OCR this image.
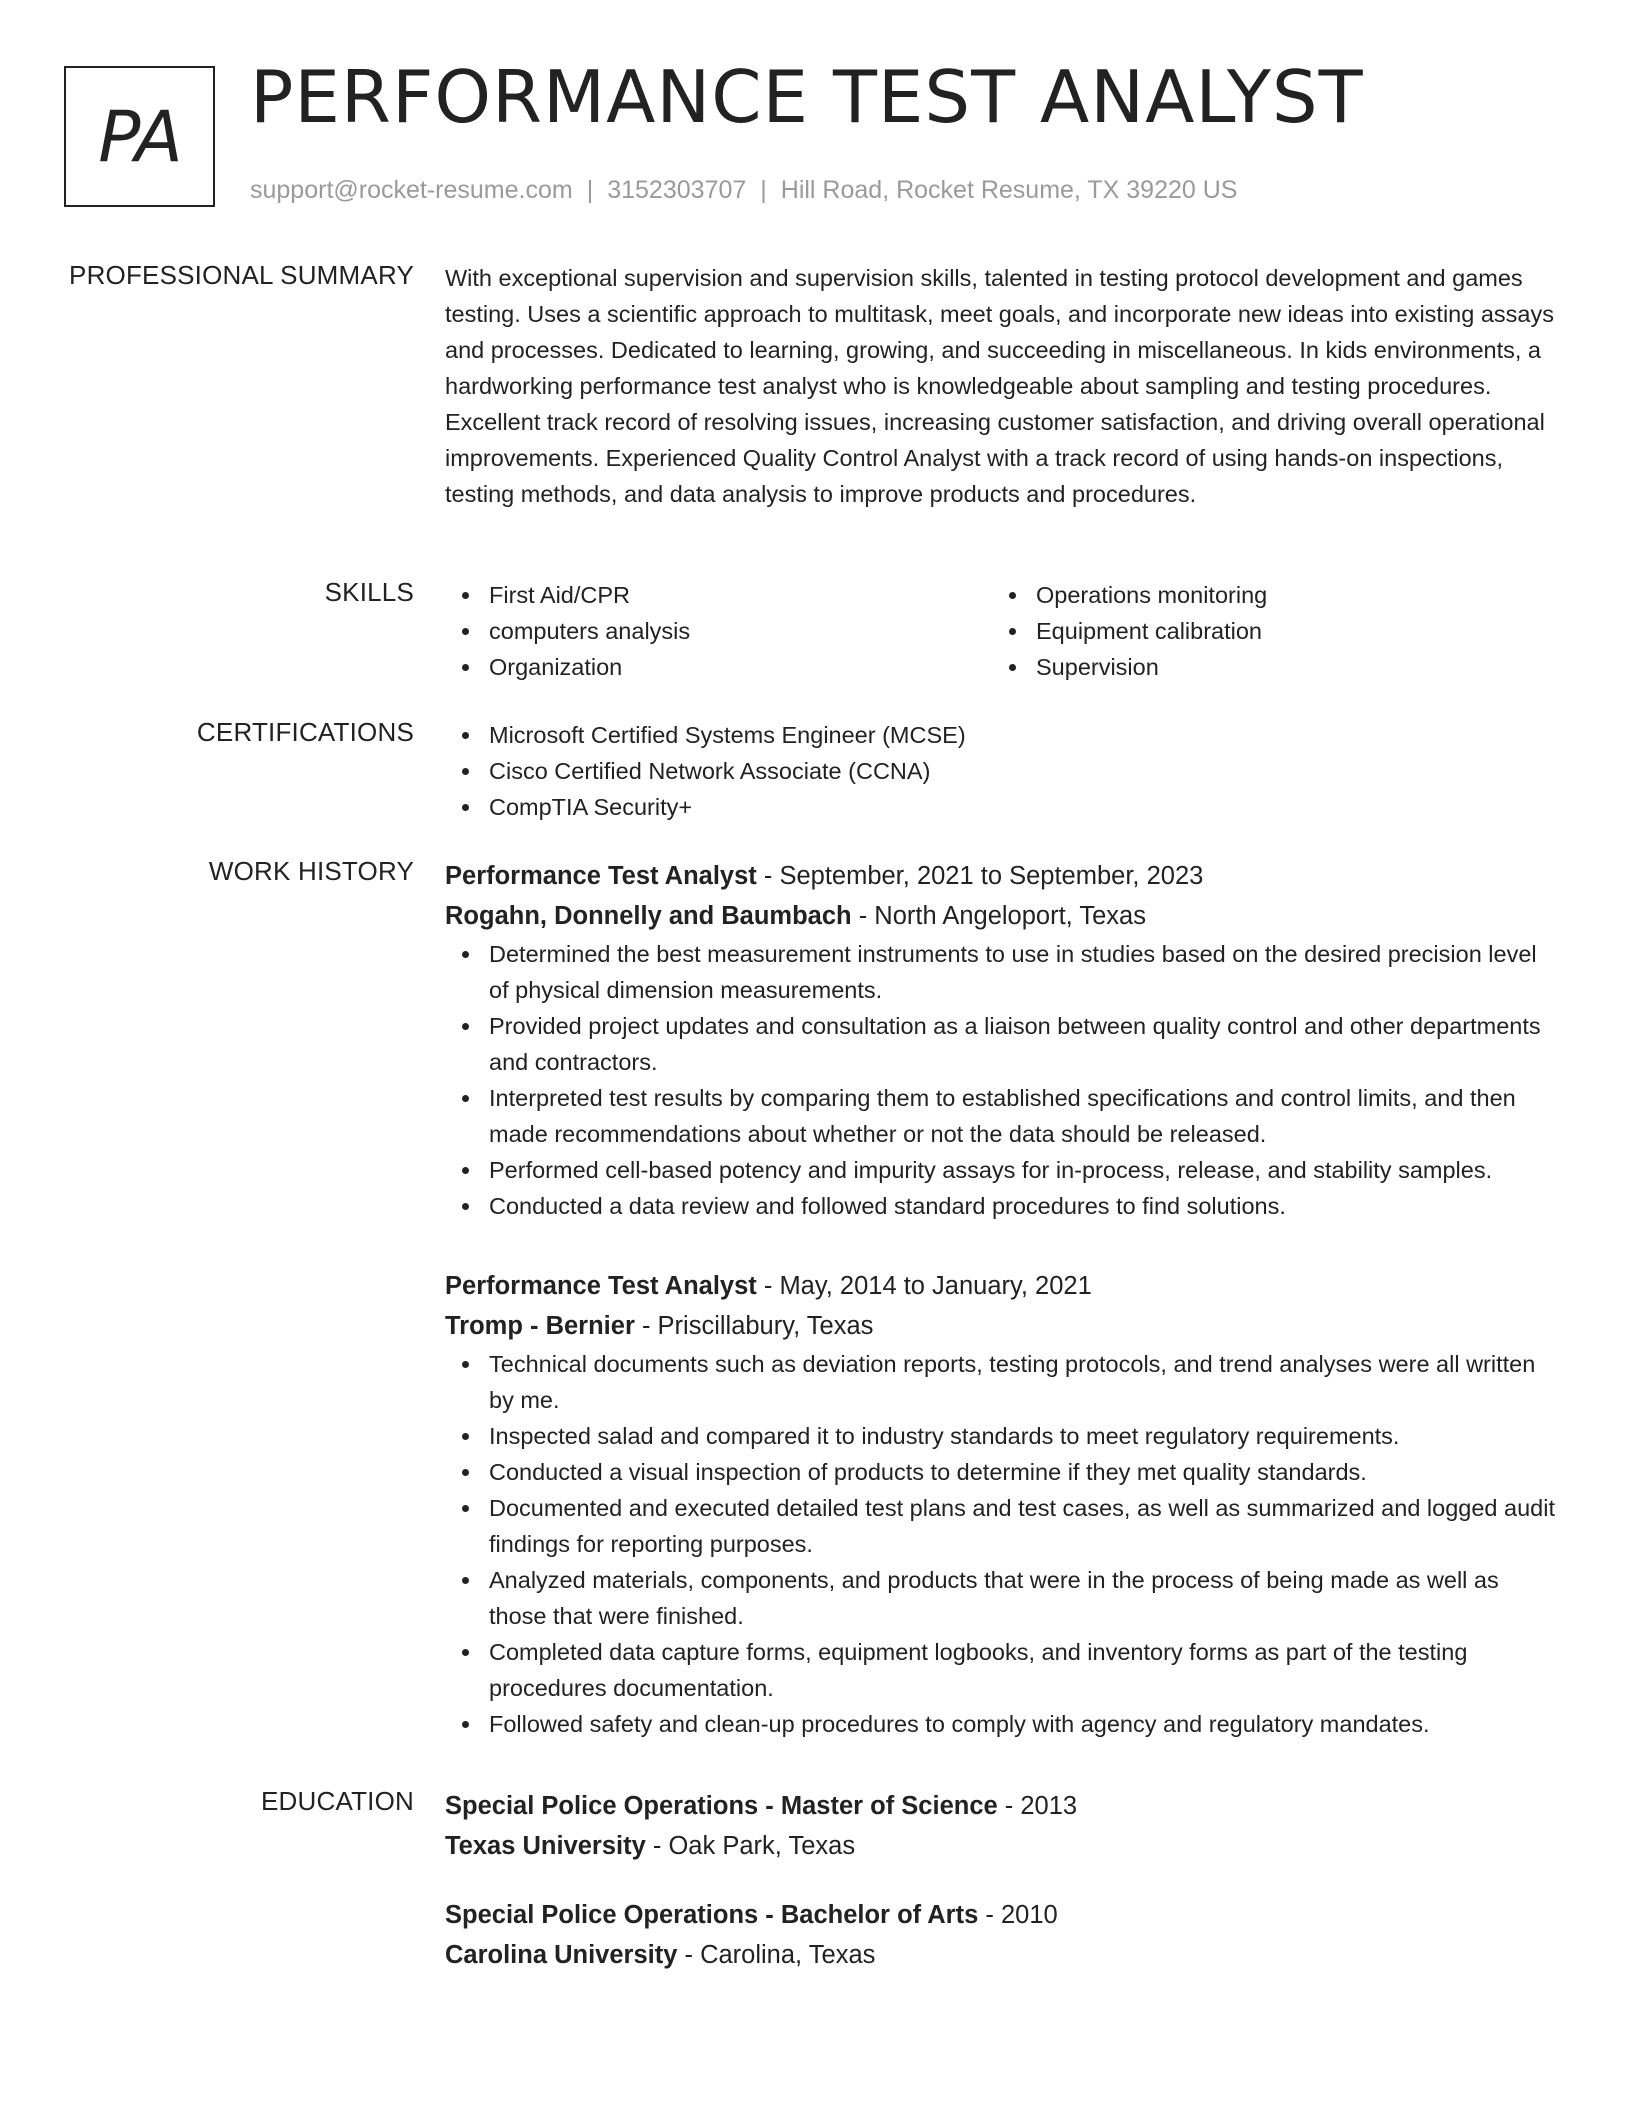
PA PERFORMANCE TEST ANALYST
support@rocket-resume.com | 3152303707 | Hill Road, Rocket Resume, TX 39220 US
PROFESSIONAL SUMMARY With exceptional supervision and supervision skills, talented in testing protocol development and games testing. Uses a scientific approach to multitask, meet goals, and incorporate new ideas into existing assays and processes. Dedicated to learning, growing, and succeeding in miscellaneous. In kids environments, a hardworking performance test analyst who is knowledgeable about sampling and testing procedures. Excellent track record of resolving issues, increasing customer satisfaction, and driving overall operational improvements. Experienced Quality Control Analyst with a track record of using hands-on inspections, testing methods, and data analysis to improve products and procedures.

SKILLS	First Aid/CPR
computers analysis
Organization
Operations monitoring
Equipment calibration
Supervision
CERTIFICATIONS	Microsoft Certified Systems Engineer (MCSE)
Cisco Certified Network Associate (CCNA)
CompTIA Security+
WORK HISTORY Performance Test Analyst - September, 2021 to September, 2023
Rogahn, Donnelly and Baumbach - North Angeloport, Texas
Determined the best measurement instruments to use in studies based on the desired precision level of physical dimension measurements.
Provided project updates and consultation as a liaison between quality control and other departments and contractors.
Interpreted test results by comparing them to established specifications and control limits, and then made recommendations about whether or not the data should be released.
Performed cell-based potency and impurity assays for in-process, release, and stability samples.
Conducted a data review and followed standard procedures to find solutions.
Performance Test Analyst - May, 2014 to January, 2021
Tromp - Bernier - Priscillabury, Texas
Technical documents such as deviation reports, testing protocols, and trend analyses were all written by me.
Inspected salad and compared it to industry standards to meet regulatory requirements.
Conducted a visual inspection of products to determine if they met quality standards.
Documented and executed detailed test plans and test cases, as well as summarized and logged audit findings for reporting purposes.
Analyzed materials, components, and products that were in the process of being made as well as those that were finished.
Completed data capture forms, equipment logbooks, and inventory forms as part of the testing procedures documentation.
Followed safety and clean-up procedures to comply with agency and regulatory mandates.
EDUCATION Special Police Operations - Master of Science - 2013
Texas University - Oak Park, Texas
Special Police Operations - Bachelor of Arts - 2010
Carolina University - Carolina, Texas
